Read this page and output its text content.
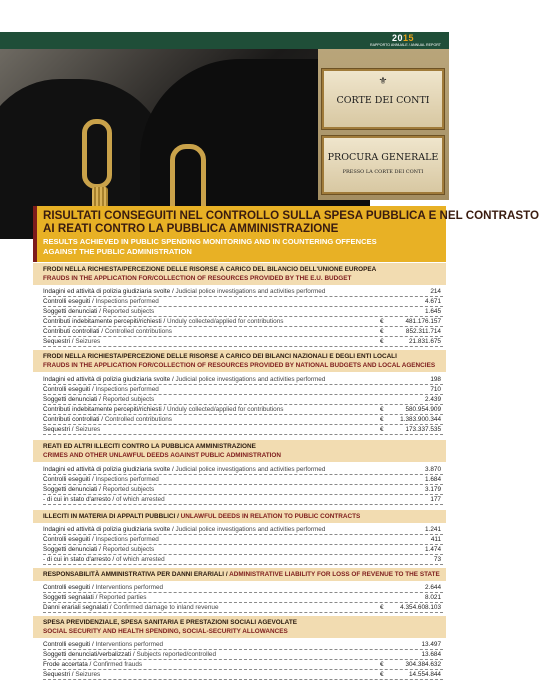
2015
RAPPORTO ANNUALE / ANNUAL REPORT
⚜
CORTE DEI CONTI
PROCURA GENERALE
PRESSO LA CORTE DEI CONTI
RISULTATI CONSEGUITI NEL CONTROLLO SULLA SPESA PUBBLICA E NEL CONTRASTO
AI REATI CONTRO LA PUBBLICA AMMINISTRAZIONE
RESULTS ACHIEVED IN PUBLIC SPENDING MONITORING AND IN COUNTERING OFFENCES
AGAINST THE PUBLIC ADMINISTRATION
FRODI NELLA RICHIESTA/PERCEZIONE DELLE RISORSE A CARICO DEL BILANCIO DELL'UNIONE EUROPEA
FRAUDS IN THE APPLICATION FOR/COLLECTION OF RESOURCES PROVIDED BY THE E.U. BUDGET
Indagini ed attività di polizia giudiziaria svolte / Judicial police investigations and activities performed	214
Controlli eseguiti / Inspections performed	4.671
Soggetti denunciati / Reported subjects	1.645
Contributi indebitamente percepiti/richiesti / Unduly collected/applied for contributions	€	481.176.157
Contributi controllati / Controlled contributions	€	852.311.714
Sequestri / Seizures	€	21.831.675
FRODI NELLA RICHIESTA/PERCEZIONE DELLE RISORSE A CARICO DEI BILANCI NAZIONALI E DEGLI ENTI LOCALI
FRAUDS IN THE APPLICATION FOR/COLLECTION OF RESOURCES PROVIDED BY NATIONAL BUDGETS AND LOCAL AGENCIES
Indagini ed attività di polizia giudiziaria svolte / Judicial police investigations and activities performed	198
Controlli eseguiti / Inspections performed	710
Soggetti denunciati / Reported subjects	2.439
Contributi indebitamente percepiti/richiesti / Unduly collected/applied for contributions	€	580.954.909
Contributi controllati / Controlled contributions	€	1.383.900.344
Sequestri / Seizures	€	173.337.535
REATI ED ALTRI ILLECITI CONTRO LA PUBBLICA AMMINISTRAZIONE
CRIMES AND OTHER UNLAWFUL DEEDS AGAINST PUBLIC ADMINISTRATION
Indagini ed attività di polizia giudiziaria svolte / Judicial police investigations and activities performed	3.870
Controlli eseguiti / Inspections performed	1.684
Soggetti denunciati / Reported subjects	3.179
- di cui in stato d'arresto / of which arrested	177
ILLECITI IN MATERIA DI APPALTI PUBBLICI / UNLAWFUL DEEDS IN RELATION TO PUBLIC CONTRACTS
Indagini ed attività di polizia giudiziaria svolte / Judicial police investigations and activities performed	1.241
Controlli eseguiti / Inspections performed	411
Soggetti denunciati / Reported subjects	1.474
- di cui in stato d'arresto / of which arrested	73
RESPONSABILITÀ AMMINISTRATIVA PER DANNI ERARIALI / ADMINISTRATIVE LIABILITY FOR LOSS OF REVENUE TO THE STATE
Controlli eseguiti / Interventions performed	2.644
Soggetti segnalati / Reported parties	8.021
Danni erariali segnalati / Confirmed damage to inland revenue	€	4.354.608.103
SPESA PREVIDENZIALE, SPESA SANITARIA E PRESTAZIONI SOCIALI AGEVOLATE
SOCIAL SECURITY AND HEALTH SPENDING, SOCIAL-SECURITY ALLOWANCES
Controlli eseguiti / Interventions performed	13.497
Soggetti denunciati/verbalizzati / Subjects reported/controlled	13.684
Frode accertata / Confirmed frauds	€	304.384.632
Sequestri / Seizures	€	14.554.844
